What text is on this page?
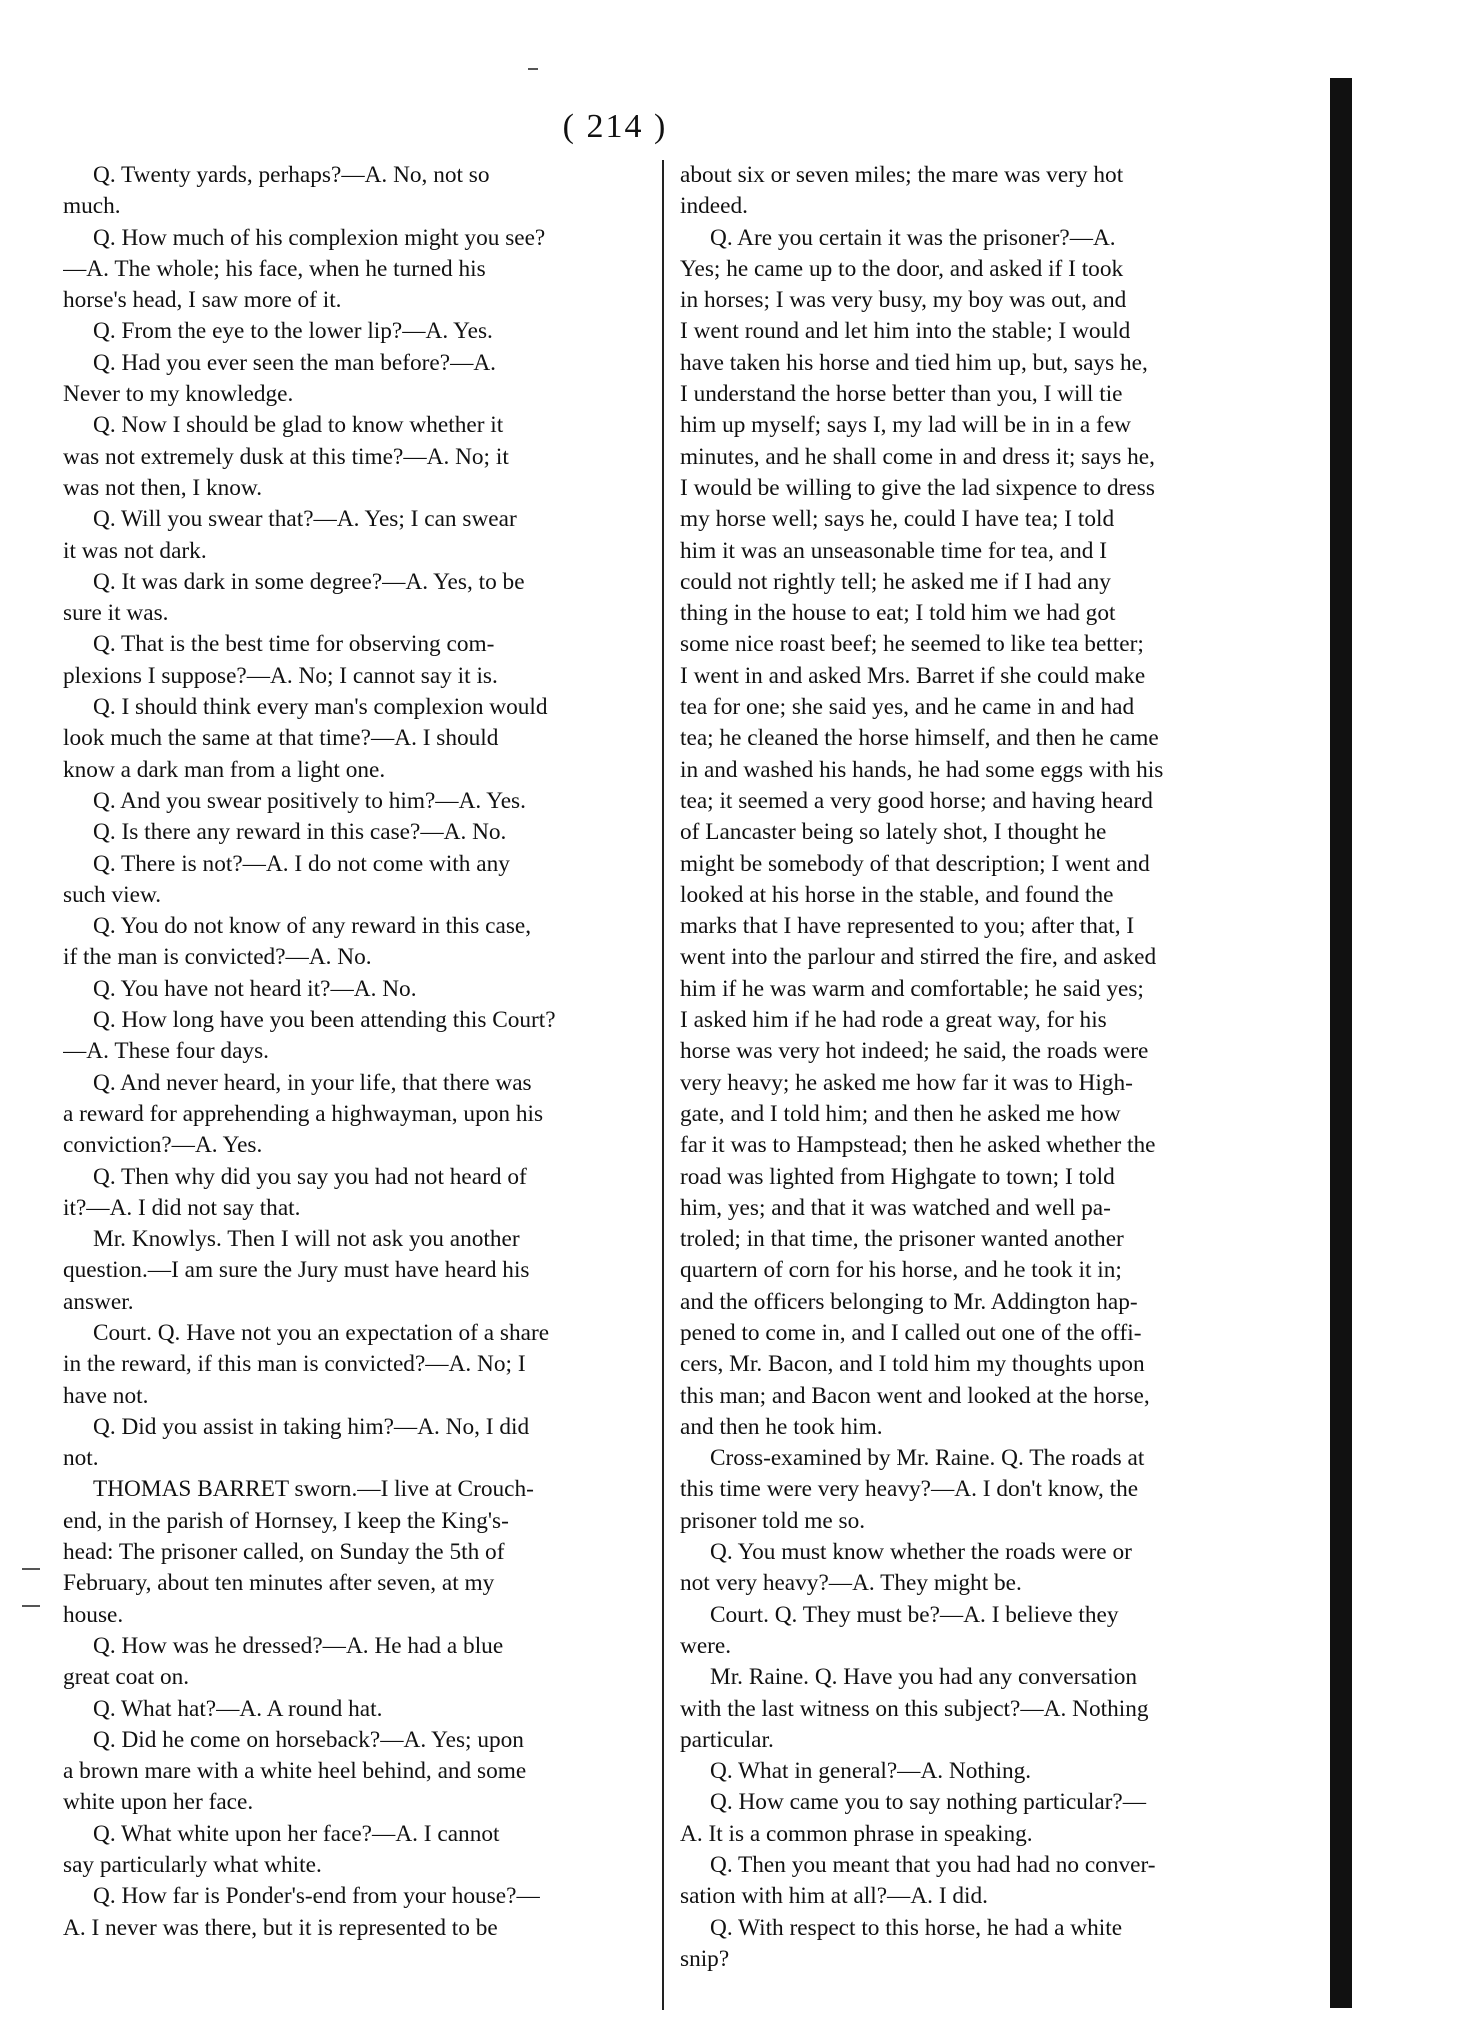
( 214 )
Q. Twenty yards, perhaps?—A. No, not so
much.
Q. How much of his complexion might you see?
—A. The whole; his face, when he turned his
horse's head, I saw more of it.
Q. From the eye to the lower lip?—A. Yes.
Q. Had you ever seen the man before?—A.
Never to my knowledge.
Q. Now I should be glad to know whether it
was not extremely dusk at this time?—A. No; it
was not then, I know.
Q. Will you swear that?—A. Yes; I can swear
it was not dark.
Q. It was dark in some degree?—A. Yes, to be
sure it was.
Q. That is the best time for observing com-
plexions I suppose?—A. No; I cannot say it is.
Q. I should think every man's complexion would
look much the same at that time?—A. I should
know a dark man from a light one.
Q. And you swear positively to him?—A. Yes.
Q. Is there any reward in this case?—A. No.
Q. There is not?—A. I do not come with any
such view.
Q. You do not know of any reward in this case,
if the man is convicted?—A. No.
Q. You have not heard it?—A. No.
Q. How long have you been attending this Court?
—A. These four days.
Q. And never heard, in your life, that there was
a reward for apprehending a highwayman, upon his
conviction?—A. Yes.
Q. Then why did you say you had not heard of
it?—A. I did not say that.
Mr. Knowlys. Then I will not ask you another
question.—I am sure the Jury must have heard his
answer.
Court. Q. Have not you an expectation of a share
in the reward, if this man is convicted?—A. No; I
have not.
Q. Did you assist in taking him?—A. No, I did
not.
THOMAS BARRET sworn.—I live at Crouch-
end, in the parish of Hornsey, I keep the King's-
head: The prisoner called, on Sunday the 5th of
February, about ten minutes after seven, at my
house.
Q. How was he dressed?—A. He had a blue
great coat on.
Q. What hat?—A. A round hat.
Q. Did he come on horseback?—A. Yes; upon
a brown mare with a white heel behind, and some
white upon her face.
Q. What white upon her face?—A. I cannot
say particularly what white.
Q. How far is Ponder's-end from your house?—
A. I never was there, but it is represented to be
about six or seven miles; the mare was very hot
indeed.
Q. Are you certain it was the prisoner?—A.
Yes; he came up to the door, and asked if I took
in horses; I was very busy, my boy was out, and
I went round and let him into the stable; I would
have taken his horse and tied him up, but, says he,
I understand the horse better than you, I will tie
him up myself; says I, my lad will be in in a few
minutes, and he shall come in and dress it; says he,
I would be willing to give the lad sixpence to dress
my horse well; says he, could I have tea; I told
him it was an unseasonable time for tea, and I
could not rightly tell; he asked me if I had any
thing in the house to eat; I told him we had got
some nice roast beef; he seemed to like tea better;
I went in and asked Mrs. Barret if she could make
tea for one; she said yes, and he came in and had
tea; he cleaned the horse himself, and then he came
in and washed his hands, he had some eggs with his
tea; it seemed a very good horse; and having heard
of Lancaster being so lately shot, I thought he
might be somebody of that description; I went and
looked at his horse in the stable, and found the
marks that I have represented to you; after that, I
went into the parlour and stirred the fire, and asked
him if he was warm and comfortable; he said yes;
I asked him if he had rode a great way, for his
horse was very hot indeed; he said, the roads were
very heavy; he asked me how far it was to High-
gate, and I told him; and then he asked me how
far it was to Hampstead; then he asked whether the
road was lighted from Highgate to town; I told
him, yes; and that it was watched and well pa-
troled; in that time, the prisoner wanted another
quartern of corn for his horse, and he took it in;
and the officers belonging to Mr. Addington hap-
pened to come in, and I called out one of the offi-
cers, Mr. Bacon, and I told him my thoughts upon
this man; and Bacon went and looked at the horse,
and then he took him.
Cross-examined by Mr. Raine. Q. The roads at
this time were very heavy?—A. I don't know, the
prisoner told me so.
Q. You must know whether the roads were or
not very heavy?—A. They might be.
Court. Q. They must be?—A. I believe they
were.
Mr. Raine. Q. Have you had any conversation
with the last witness on this subject?—A. Nothing
particular.
Q. What in general?—A. Nothing.
Q. How came you to say nothing particular?—
A. It is a common phrase in speaking.
Q. Then you meant that you had had no conver-
sation with him at all?—A. I did.
Q. With respect to this horse, he had a white
snip?
